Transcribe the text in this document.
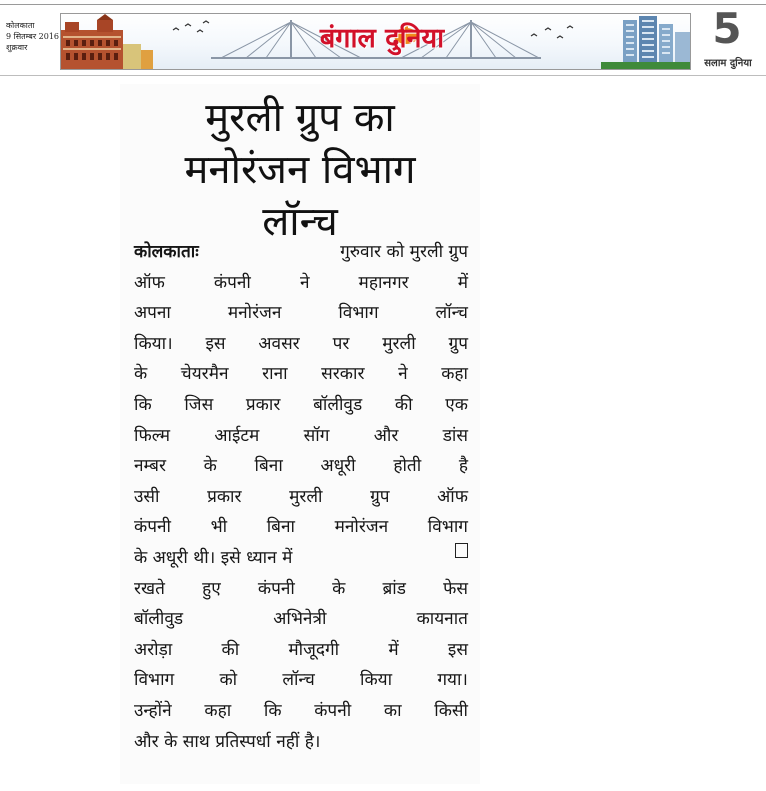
कोलकाता
9 सितम्बर 2016
शुक्रवार	बंगाल दुनिया	5
सलाम दुनिया
मुरली ग्रुप का
मनोरंजन विभाग
लॉन्च
कोलकाताः	गुरुवार को मुरली ग्रुप
ऑफ	कंपनी	ने	महानगर	में
अपना	मनोरंजन	विभाग	लॉन्च
किया। इस अवसर पर मुरली ग्रुप
के चेयरमैन राना सरकार ने कहा
कि जिस प्रकार बॉलीवुड की एक
फिल्म	आईटम	सॉग	और	डांस
नम्बर के बिना अधूरी होती है
उसी	प्रकार	मुरली	ग्रुप	ऑफ
कंपनी भी बिना मनोरंजन विभाग
के अधूरी थी। इसे ध्यान में
रखते हुए कंपनी के ब्रांड फेस
बॉलीवुड	अभिनेत्री	कायनात
अरोड़ा	की	मौजूदगी	में	इस
विभाग	को	लॉन्च	किया	गया।
उन्होंने कहा कि कंपनी का किसी
और के साथ प्रतिस्पर्धा नहीं है।
